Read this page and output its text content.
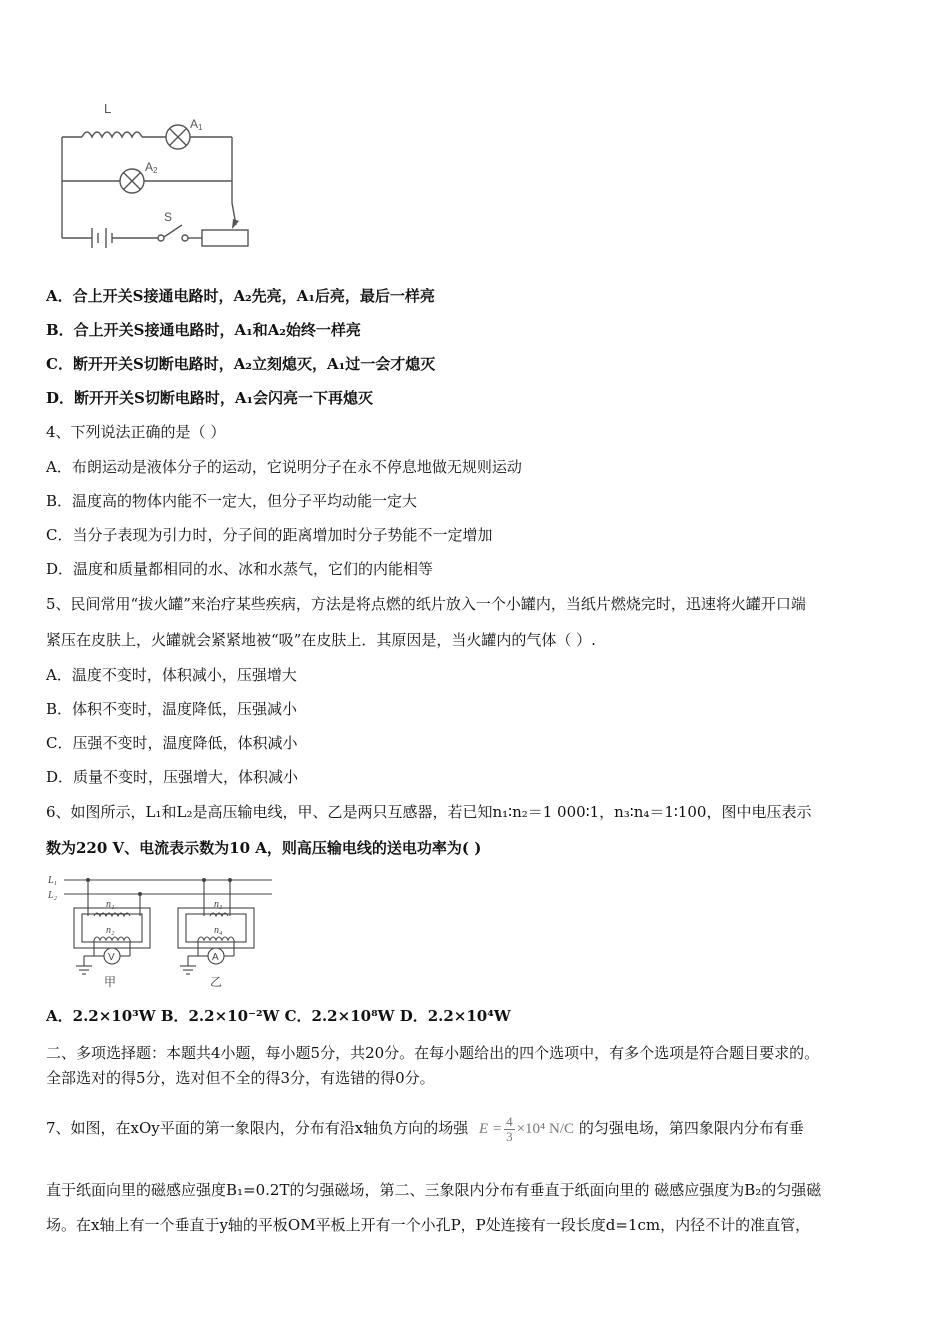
L
A1
A2
S
A．合上开关S接通电路时，A₂先亮，A₁后亮，最后一样亮
B．合上开关S接通电路时，A₁和A₂始终一样亮
C．断开开关S切断电路时，A₂立刻熄灭，A₁过一会才熄灭
D．断开开关S切断电路时，A₁会闪亮一下再熄灭
4、下列说法正确的是（ ）
A．布朗运动是液体分子的运动，它说明分子在永不停息地做无规则运动
B．温度高的物体内能不一定大，但分子平均动能一定大
C．当分子表现为引力时，分子间的距离增加时分子势能不一定增加
D．温度和质量都相同的水、冰和水蒸气，它们的内能相等
5、民间常用“拔火罐”来治疗某些疾病，方法是将点燃的纸片放入一个小罐内，当纸片燃烧完时，迅速将火罐开口端
紧压在皮肤上，火罐就会紧紧地被“吸”在皮肤上．其原因是，当火罐内的气体（ ）.
A．温度不变时，体积减小，压强增大
B．体积不变时，温度降低，压强减小
C．压强不变时，温度降低，体积减小
D．质量不变时，压强增大，体积减小
6、如图所示，L₁和L₂是高压输电线，甲、乙是两只互感器，若已知n₁∶n₂＝1 000∶1，n₃∶n₄＝1∶100，图中电压表示
数为220 V、电流表示数为10 A，则高压输电线的送电功率为( )
L₁
L₂
n₁
n₂
n₃
n₄
V	A
甲	乙
A．2.2×10³W B．2.2×10⁻²W C．2.2×10⁸W D．2.2×10⁴W
二、多项选择题：本题共4小题，每小题5分，共20分。在每小题给出的四个选项中，有多个选项是符合题目要求的。
全部选对的得5分，选对但不全的得3分，有选错的得0分。
7、如图，在xOy平面的第一象限内，分布有沿x轴负方向的场强 $E = \frac{4}{3} \times 10^4$ N/C 的匀强电场，第四象限内分布有垂
直于纸面向里的磁感应强度B₁=0.2T的匀强磁场，第二、三象限内分布有垂直于纸面向里的 磁感应强度为B₂的匀强磁
场。在x轴上有一个垂直于y轴的平板OM平板上开有一个小孔P，P处连接有一段长度d=1cm，内径不计的准直管，
